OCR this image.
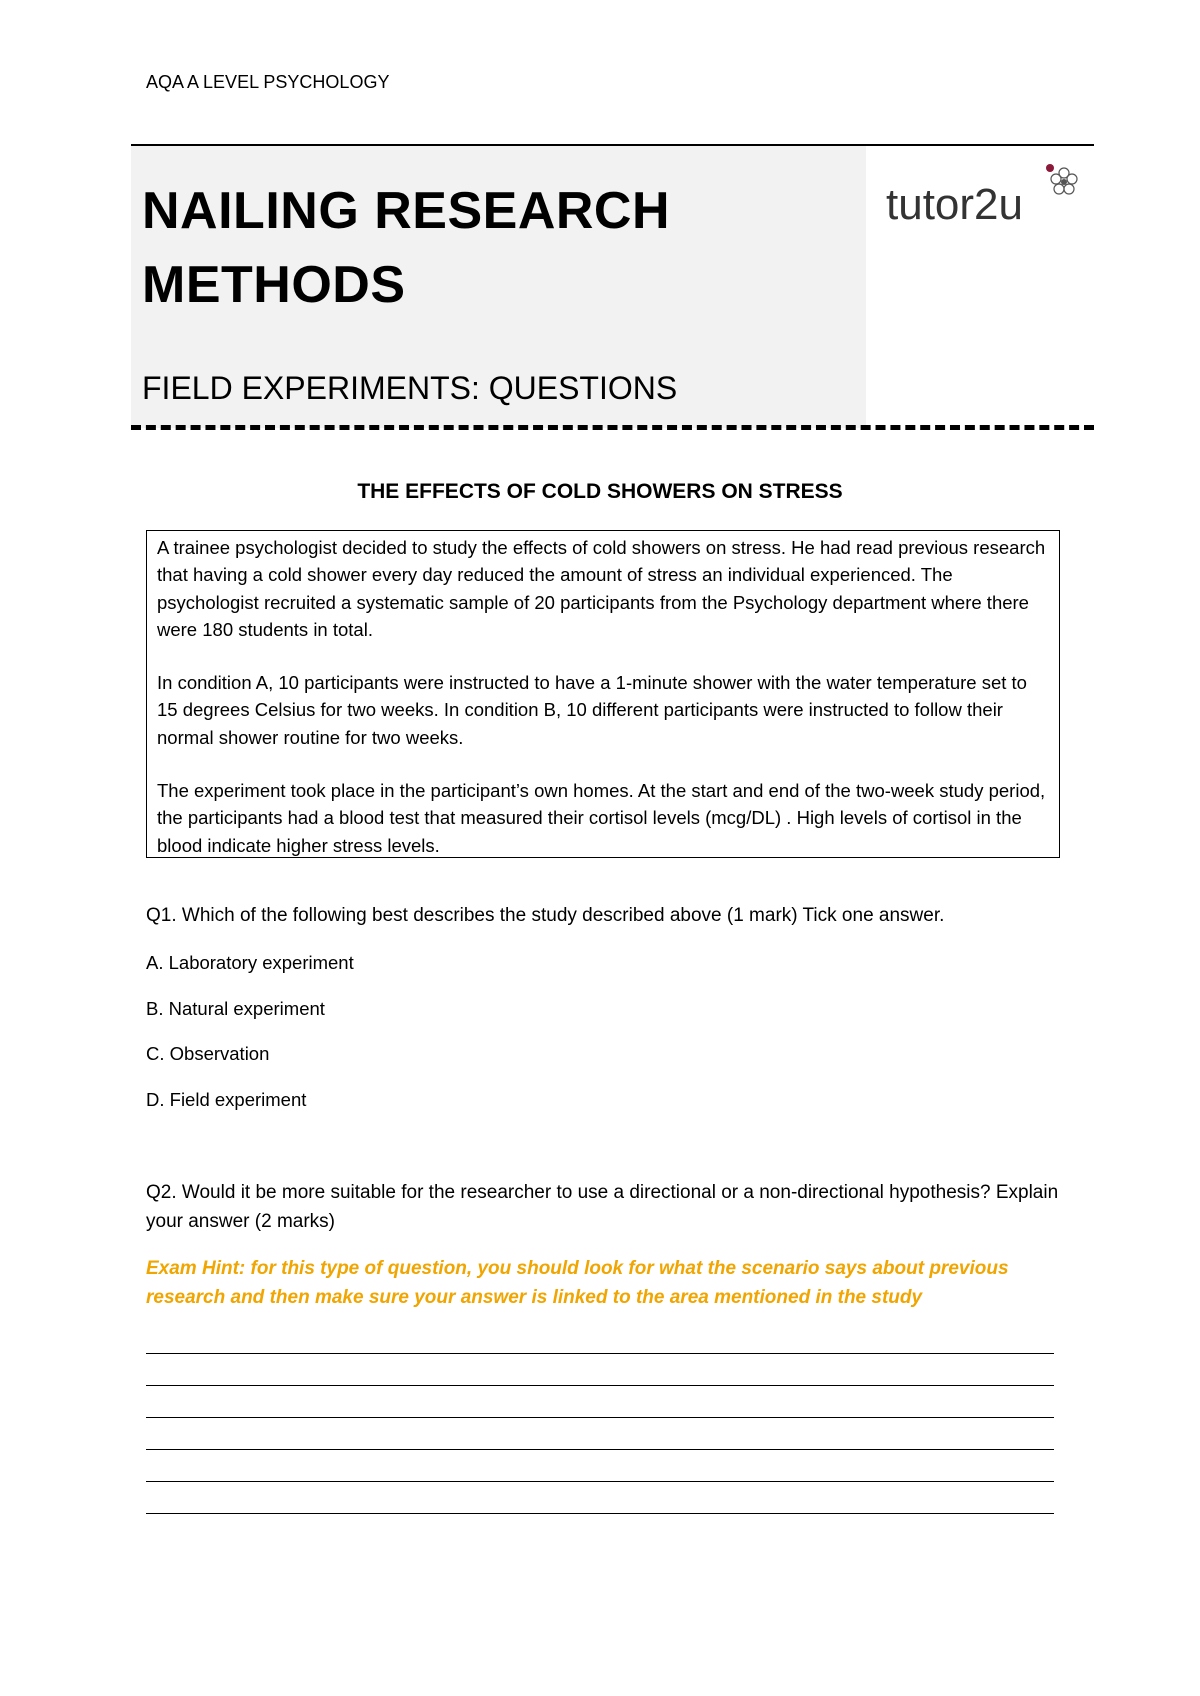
AQA A LEVEL PSYCHOLOGY
NAILING RESEARCH METHODS
FIELD EXPERIMENTS: QUESTIONS
tutor2u
THE EFFECTS OF COLD SHOWERS ON STRESS

A trainee psychologist decided to study the effects of cold showers on stress. He had read previous research that having a cold shower every day reduced the amount of stress an individual experienced. The psychologist recruited a systematic sample of 20 participants from the Psychology department where there were 180 students in total.

In condition A, 10 participants were instructed to have a 1-minute shower with the water temperature set to 15 degrees Celsius for two weeks. In condition B, 10 different participants were instructed to follow their normal shower routine for two weeks.

The experiment took place in the participant’s own homes. At the start and end of the two-week study period, the participants had a blood test that measured their cortisol levels (mcg/DL) . High levels of cortisol in the blood indicate higher stress levels.

Q1. Which of the following best describes the study described above (1 mark) Tick one answer.
A. Laboratory experiment
B. Natural experiment
C. Observation
D. Field experiment
Q2. Would it be more suitable for the researcher to use a directional or a non-directional hypothesis? Explain your answer (2 marks)
Exam Hint: for this type of question, you should look for what the scenario says about previous research and then make sure your answer is linked to the area mentioned in the study
